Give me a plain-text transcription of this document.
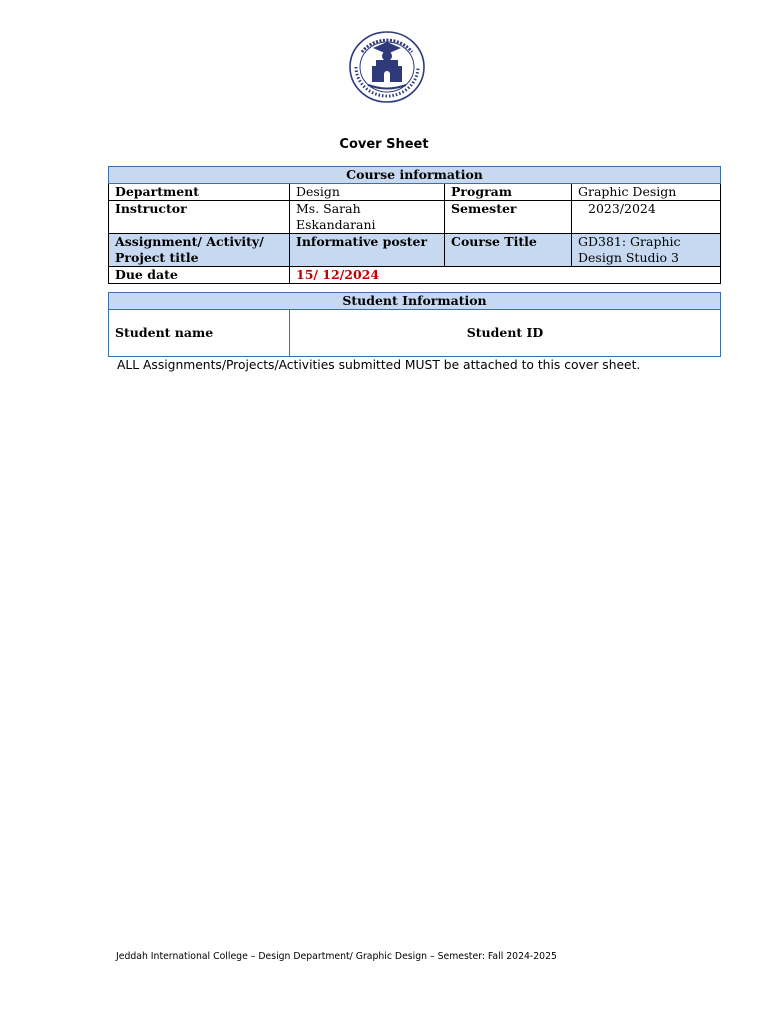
Cover Sheet
Course information			
Department	Design	Program	Graphic Design
Instructor	Ms. Sarah Eskandarani	Semester	2023/2024
Assignment/ Activity/ Project title	Informative poster	Course Title	GD381: Graphic Design Studio 3
Due date	15/ 12/2024		
Student Information
Student name	Student ID
ALL Assignments/Projects/Activities submitted MUST be attached to this cover sheet.
Jeddah International College – Design Department/ Graphic Design – Semester: Fall 2024-2025
